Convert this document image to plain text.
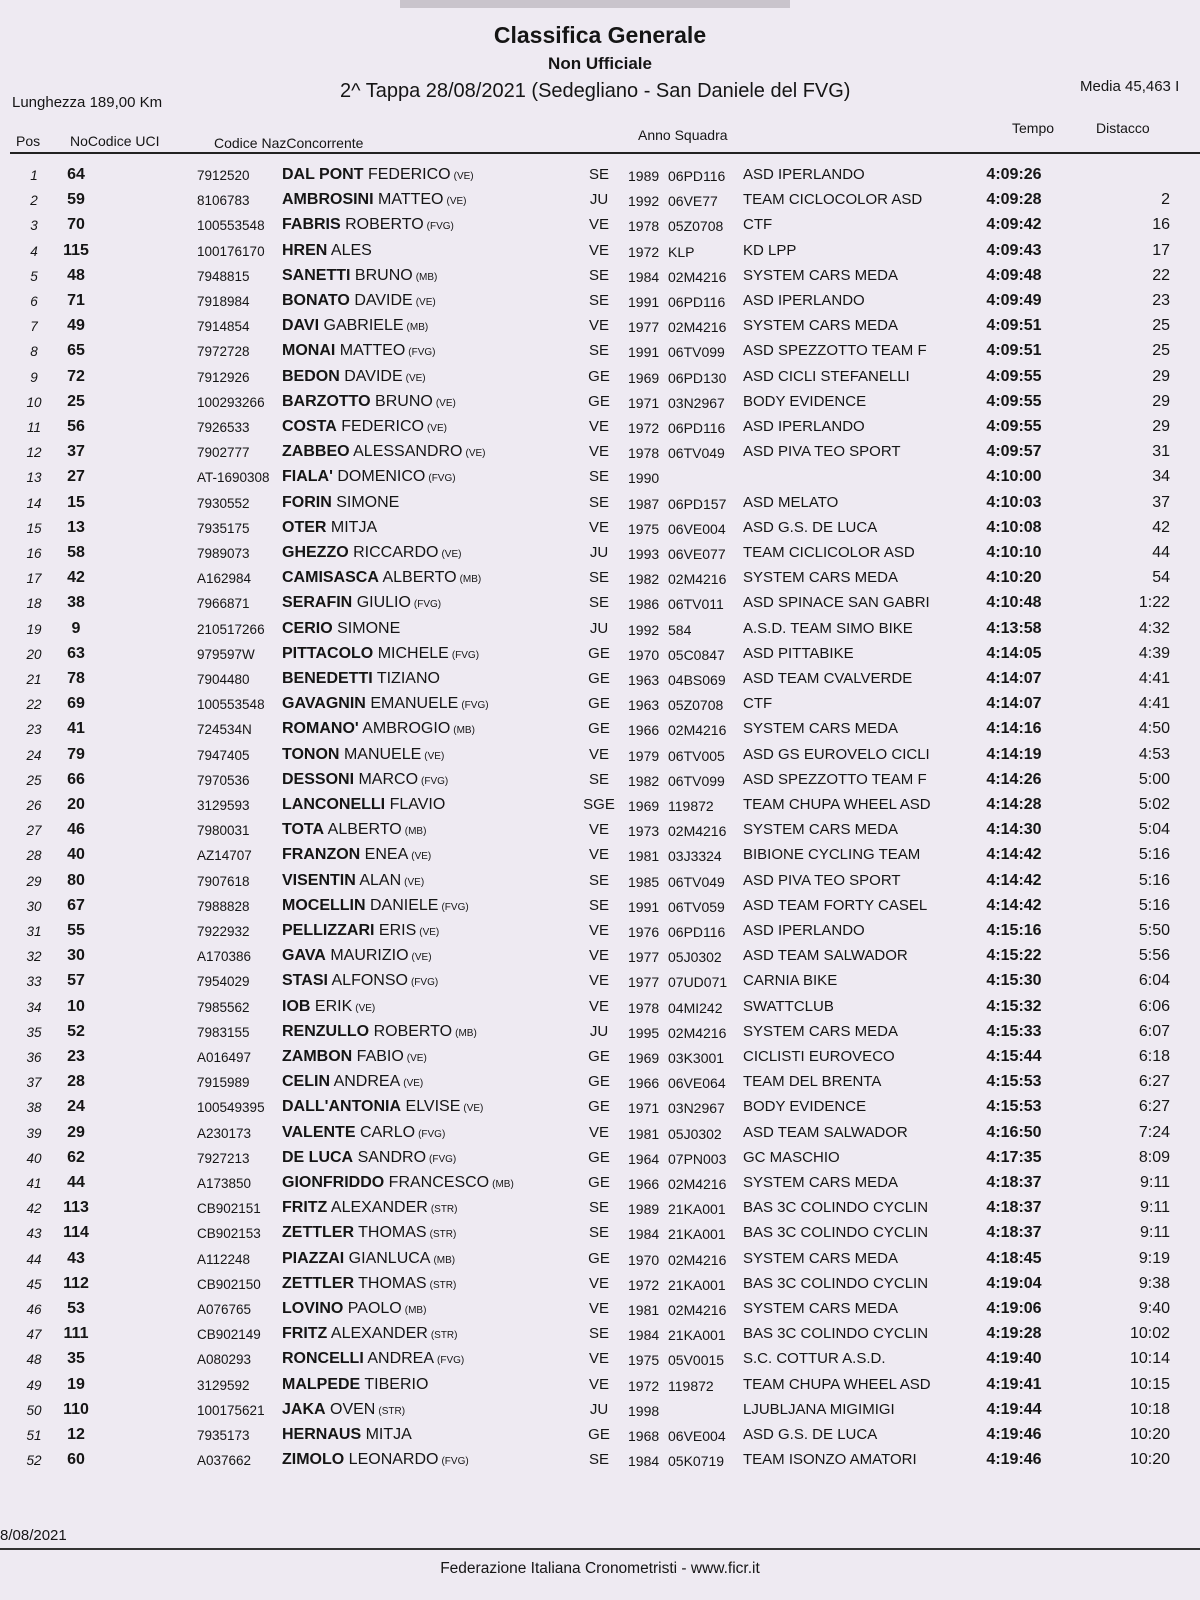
Classifica Generale
Non Ufficiale
Lunghezza 189,00 Km
2^ Tappa 28/08/2021 (Sedegliano - San Daniele del FVG)	Media 45,463 I
Pos NoCodice UCI	Codice NazConcorrente	Anno Squadra	Tempo	Distacco
1	64	7912520	DAL PONT FEDERICO (VE)	SE	1989 06PD116 ASD IPERLANDO	4:09:26
2	59	8106783	AMBROSINI MATTEO (VE)	JU	1992 06VE77 TEAM CICLOCOLOR ASD	4:09:28	2
3	70	100553548	FABRIS ROBERTO (FVG)	VE	1978 05Z0708 CTF	4:09:42	16
4	115	100176170	HREN ALES	VE	1972 KLP	KD LPP	4:09:43	17
5	48	7948815	SANETTI BRUNO (MB)	SE	1984 02M4216 SYSTEM CARS MEDA	4:09:48	22
6	71	7918984	BONATO DAVIDE (VE)	SE	1991 06PD116 ASD IPERLANDO	4:09:49	23
7	49	7914854	DAVI GABRIELE (MB)	VE	1977 02M4216 SYSTEM CARS MEDA	4:09:51	25
8	65	7972728	MONAI MATTEO (FVG)	SE	1991 06TV099 ASD SPEZZOTTO TEAM F	4:09:51	25
9	72	7912926	BEDON DAVIDE (VE)	GE	1969 06PD130 ASD CICLI STEFANELLI	4:09:55	29
10	25	100293266	BARZOTTO BRUNO (VE)	GE	1971 03N2967 BODY EVIDENCE	4:09:55	29
11	56	7926533	COSTA FEDERICO (VE)	VE	1972 06PD116 ASD IPERLANDO	4:09:55	29
12	37	7902777	ZABBEO ALESSANDRO (VE)	VE	1978 06TV049 ASD PIVA TEO SPORT	4:09:57	31
13	27	AT-1690308 FIALA' DOMENICO (FVG)	SE	1990	4:10:00	34
14	15	7930552	FORIN SIMONE	SE	1987 06PD157 ASD MELATO	4:10:03	37
15	13	7935175	OTER MITJA	VE	1975 06VE004 ASD G.S. DE LUCA	4:10:08	42
16	58	7989073	GHEZZO RICCARDO (VE)	JU	1993 06VE077 TEAM CICLICOLOR ASD	4:10:10	44
17	42	A162984	CAMISASCA ALBERTO (MB)	SE	1982 02M4216 SYSTEM CARS MEDA	4:10:20	54
18	38	7966871	SERAFIN GIULIO (FVG)	SE	1986 06TV011 ASD SPINACE SAN GABRI	4:10:48	1:22
19	9	210517266	CERIO SIMONE	JU	1992 584	A.S.D. TEAM SIMO BIKE	4:13:58	4:32
20	63	979597W	PITTACOLO MICHELE (FVG)	GE	1970 05C0847 ASD PITTABIKE	4:14:05	4:39
21	78	7904480	BENEDETTI TIZIANO	GE	1963 04BS069 ASD TEAM CVALVERDE	4:14:07	4:41
22	69	100553548	GAVAGNIN EMANUELE (FVG)	GE	1963 05Z0708 CTF	4:14:07	4:41
23	41	724534N	ROMANO' AMBROGIO (MB)	GE	1966 02M4216 SYSTEM CARS MEDA	4:14:16	4:50
24	79	7947405	TONON MANUELE (VE)	VE	1979 06TV005 ASD GS EUROVELO CICLI	4:14:19	4:53
25	66	7970536	DESSONI MARCO (FVG)	SE	1982 06TV099 ASD SPEZZOTTO TEAM F	4:14:26	5:00
26	20	3129593	LANCONELLI FLAVIO	SGE 1969 119872 TEAM CHUPA WHEEL ASD	4:14:28	5:02
27	46	7980031	TOTA ALBERTO (MB)	VE	1973 02M4216 SYSTEM CARS MEDA	4:14:30	5:04
28	40	AZ14707	FRANZON ENEA (VE)	VE	1981 03J3324 BIBIONE CYCLING TEAM	4:14:42	5:16
29	80	7907618	VISENTIN ALAN (VE)	SE	1985 06TV049 ASD PIVA TEO SPORT	4:14:42	5:16
30	67	7988828	MOCELLIN DANIELE (FVG)	SE	1991 06TV059 ASD TEAM FORTY CASEL	4:14:42	5:16
31	55	7922932	PELLIZZARI ERIS (VE)	VE	1976 06PD116 ASD IPERLANDO	4:15:16	5:50
32	30	A170386	GAVA MAURIZIO (VE)	VE	1977 05J0302 ASD TEAM SALWADOR	4:15:22	5:56
33	57	7954029	STASI ALFONSO (FVG)	VE	1977 07UD071 CARNIA BIKE	4:15:30	6:04
34	10	7985562	IOB ERIK (VE)	VE	1978 04MI242 SWATTCLUB	4:15:32	6:06
35	52	7983155	RENZULLO ROBERTO (MB)	JU	1995 02M4216 SYSTEM CARS MEDA	4:15:33	6:07
36	23	A016497	ZAMBON FABIO (VE)	GE	1969 03K3001 CICLISTI EUROVECO	4:15:44	6:18
37	28	7915989	CELIN ANDREA (VE)	GE	1966 06VE064 TEAM DEL BRENTA	4:15:53	6:27
38	24	100549395	DALL'ANTONIA ELVISE (VE)	GE	1971 03N2967 BODY EVIDENCE	4:15:53	6:27
39	29	A230173	VALENTE CARLO (FVG)	VE	1981 05J0302 ASD TEAM SALWADOR	4:16:50	7:24
40	62	7927213	DE LUCA SANDRO (FVG)	GE	1964 07PN003 GC MASCHIO	4:17:35	8:09
41	44	A173850	GIONFRIDDO FRANCESCO (MB)	GE	1966 02M4216 SYSTEM CARS MEDA	4:18:37	9:11
42	113	CB902151	FRITZ ALEXANDER (STR)	SE	1989 21KA001 BAS 3C COLINDO CYCLIN	4:18:37	9:11
43	114	CB902153	ZETTLER THOMAS (STR)	SE	1984 21KA001 BAS 3C COLINDO CYCLIN	4:18:37	9:11
44	43	A112248	PIAZZAI GIANLUCA (MB)	GE	1970 02M4216 SYSTEM CARS MEDA	4:18:45	9:19
45	112	CB902150	ZETTLER THOMAS (STR)	VE	1972 21KA001 BAS 3C COLINDO CYCLIN	4:19:04	9:38
46	53	A076765	LOVINO PAOLO (MB)	VE	1981 02M4216 SYSTEM CARS MEDA	4:19:06	9:40
47	111	CB902149	FRITZ ALEXANDER (STR)	SE	1984 21KA001 BAS 3C COLINDO CYCLIN	4:19:28	10:02
48	35	A080293	RONCELLI ANDREA (FVG)	VE	1975 05V0015 S.C. COTTUR A.S.D.	4:19:40	10:14
49	19	3129592	MALPEDE TIBERIO	VE	1972 119872 TEAM CHUPA WHEEL ASD	4:19:41	10:15
50	110	100175621	JAKA OVEN (STR)	JU	1998	LJUBLJANA MIGIMIGI	4:19:44	10:18
51	12	7935173	HERNAUS MITJA	GE	1968 06VE004 ASD G.S. DE LUCA	4:19:46	10:20
52	60	A037662	ZIMOLO LEONARDO (FVG)	SE	1984 05K0719 TEAM ISONZO AMATORI	4:19:46	10:20
8/08/2021
Federazione Italiana Cronometristi - www.ficr.it
